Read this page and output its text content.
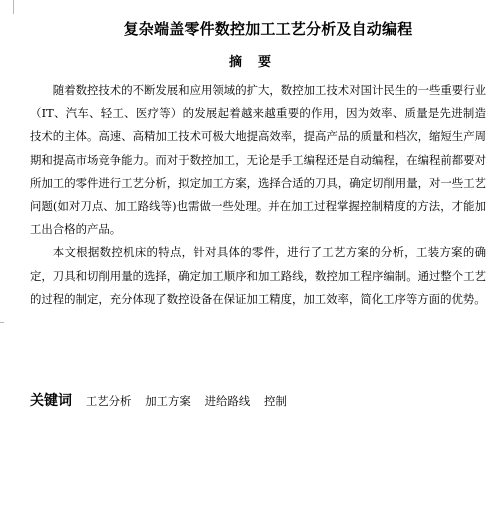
复杂端盖零件数控加工工艺分析及自动编程
摘要

随着数控技术的不断发展和应用领域的扩大，数控加工技术对国计民生的一些重要行业（IT、汽车、轻工、医疗等）的发展起着越来越重要的作用，因为效率、质量是先进制造技术的主体。高速、高精加工技术可极大地提高效率，提高产品的质量和档次，缩短生产周期和提高市场竞争能力。而对于数控加工，无论是手工编程还是自动编程，在编程前都要对所加工的零件进行工艺分析，拟定加工方案，选择合适的刀具，确定切削用量，对一些工艺问题(如对刀点、加工路线等)也需做一些处理。并在加工过程掌握控制精度的方法，才能加工出合格的产品。

本文根据数控机床的特点，针对具体的零件，进行了工艺方案的分析，工装方案的确定，刀具和切削用量的选择，确定加工顺序和加工路线，数控加工程序编制。通过整个工艺的过程的制定，充分体现了数控设备在保证加工精度，加工效率，简化工序等方面的优势。

关键词 工艺分析 加工方案 进给路线 控制
